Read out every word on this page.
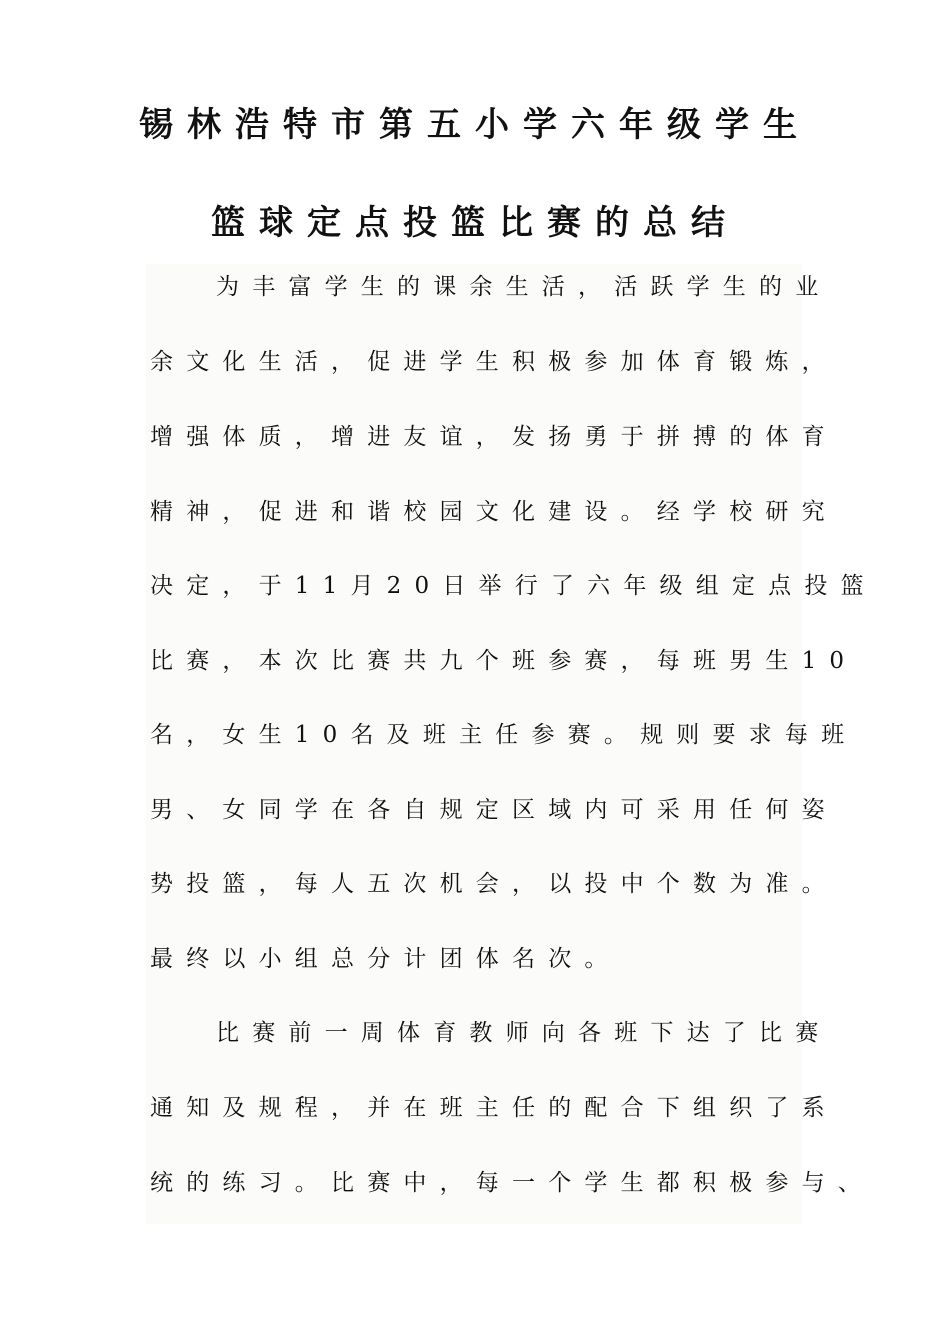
锡林浩特市第五小学六年级学生
篮球定点投篮比赛的总结

为丰富学生的课余生活，活跃学生的业

余文化生活，促进学生积极参加体育锻炼，

增强体质，增进友谊，发扬勇于拼搏的体育

精神，促进和谐校园文化建设。经学校研究

决定，于11月20日举行了六年级组定点投篮

比赛，本次比赛共九个班参赛，每班男生10

名，女生10名及班主任参赛。规则要求每班

男、女同学在各自规定区域内可采用任何姿

势投篮，每人五次机会，以投中个数为准。

最终以小组总分计团体名次。

比赛前一周体育教师向各班下达了比赛

通知及规程，并在班主任的配合下组织了系

统的练习。比赛中，每一个学生都积极参与、
